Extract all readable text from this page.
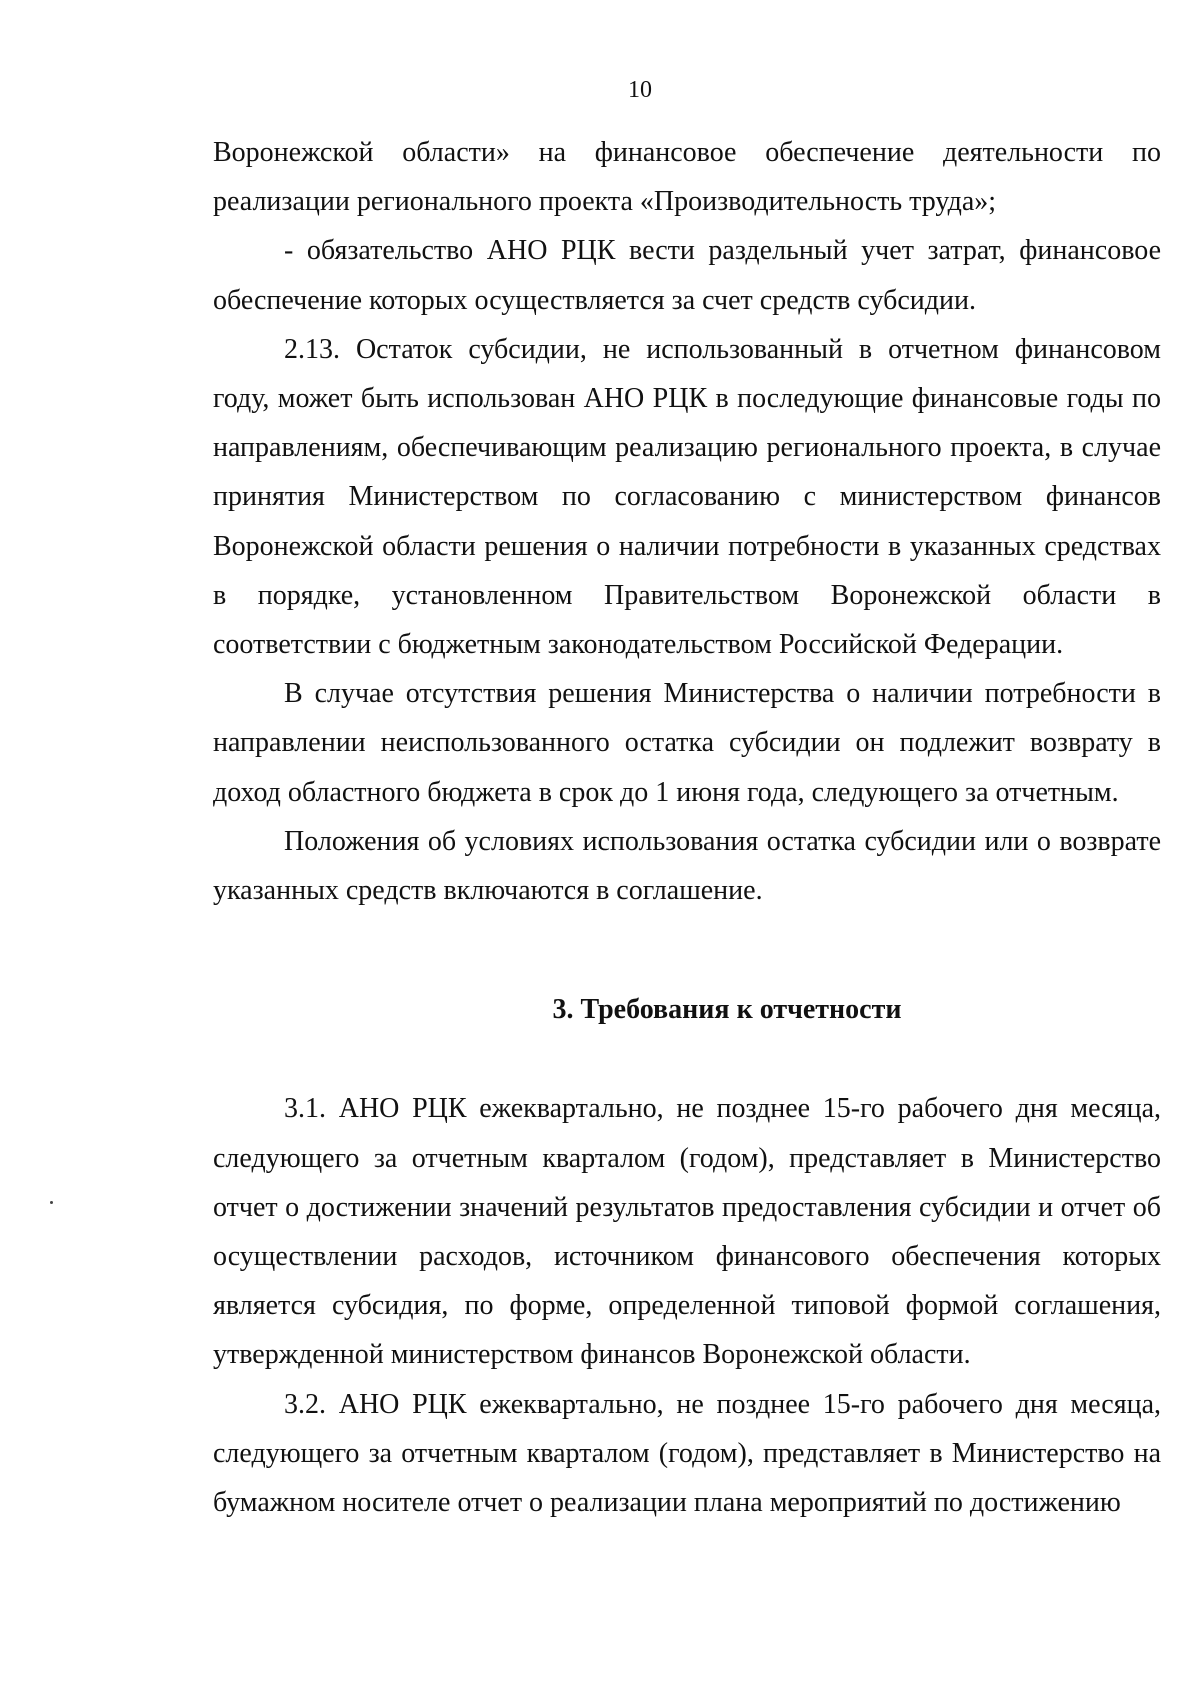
10

Воронежской области» на финансовое обеспечение деятельности по реализации регионального проекта «Производительность труда»;

- обязательство АНО РЦК вести раздельный учет затрат, финансовое обеспечение которых осуществляется за счет средств субсидии.

2.13. Остаток субсидии, не использованный в отчетном финансовом году, может быть использован АНО РЦК в последующие финансовые годы по направлениям, обеспечивающим реализацию регионального проекта, в случае принятия Министерством по согласованию с министерством финансов Воронежской области решения о наличии потребности в указанных средствах в порядке, установленном Правительством Воронежской области в соответствии с бюджетным законодательством Российской Федерации.

В случае отсутствия решения Министерства о наличии потребности в направлении неиспользованного остатка субсидии он подлежит возврату в доход областного бюджета в срок до 1 июня года, следующего за отчетным.

Положения об условиях использования остатка субсидии или о возврате указанных средств включаются в соглашение.

3. Требования к отчетности

3.1. АНО РЦК ежеквартально, не позднее 15-го рабочего дня месяца, следующего за отчетным кварталом (годом), представляет в Министерство отчет о достижении значений результатов предоставления субсидии и отчет об осуществлении расходов, источником финансового обеспечения которых является субсидия, по форме, определенной типовой формой соглашения, утвержденной министерством финансов Воронежской области.

3.2. АНО РЦК ежеквартально, не позднее 15-го рабочего дня месяца, следующего за отчетным кварталом (годом), представляет в Министерство на бумажном носителе отчет о реализации плана мероприятий по достижению
